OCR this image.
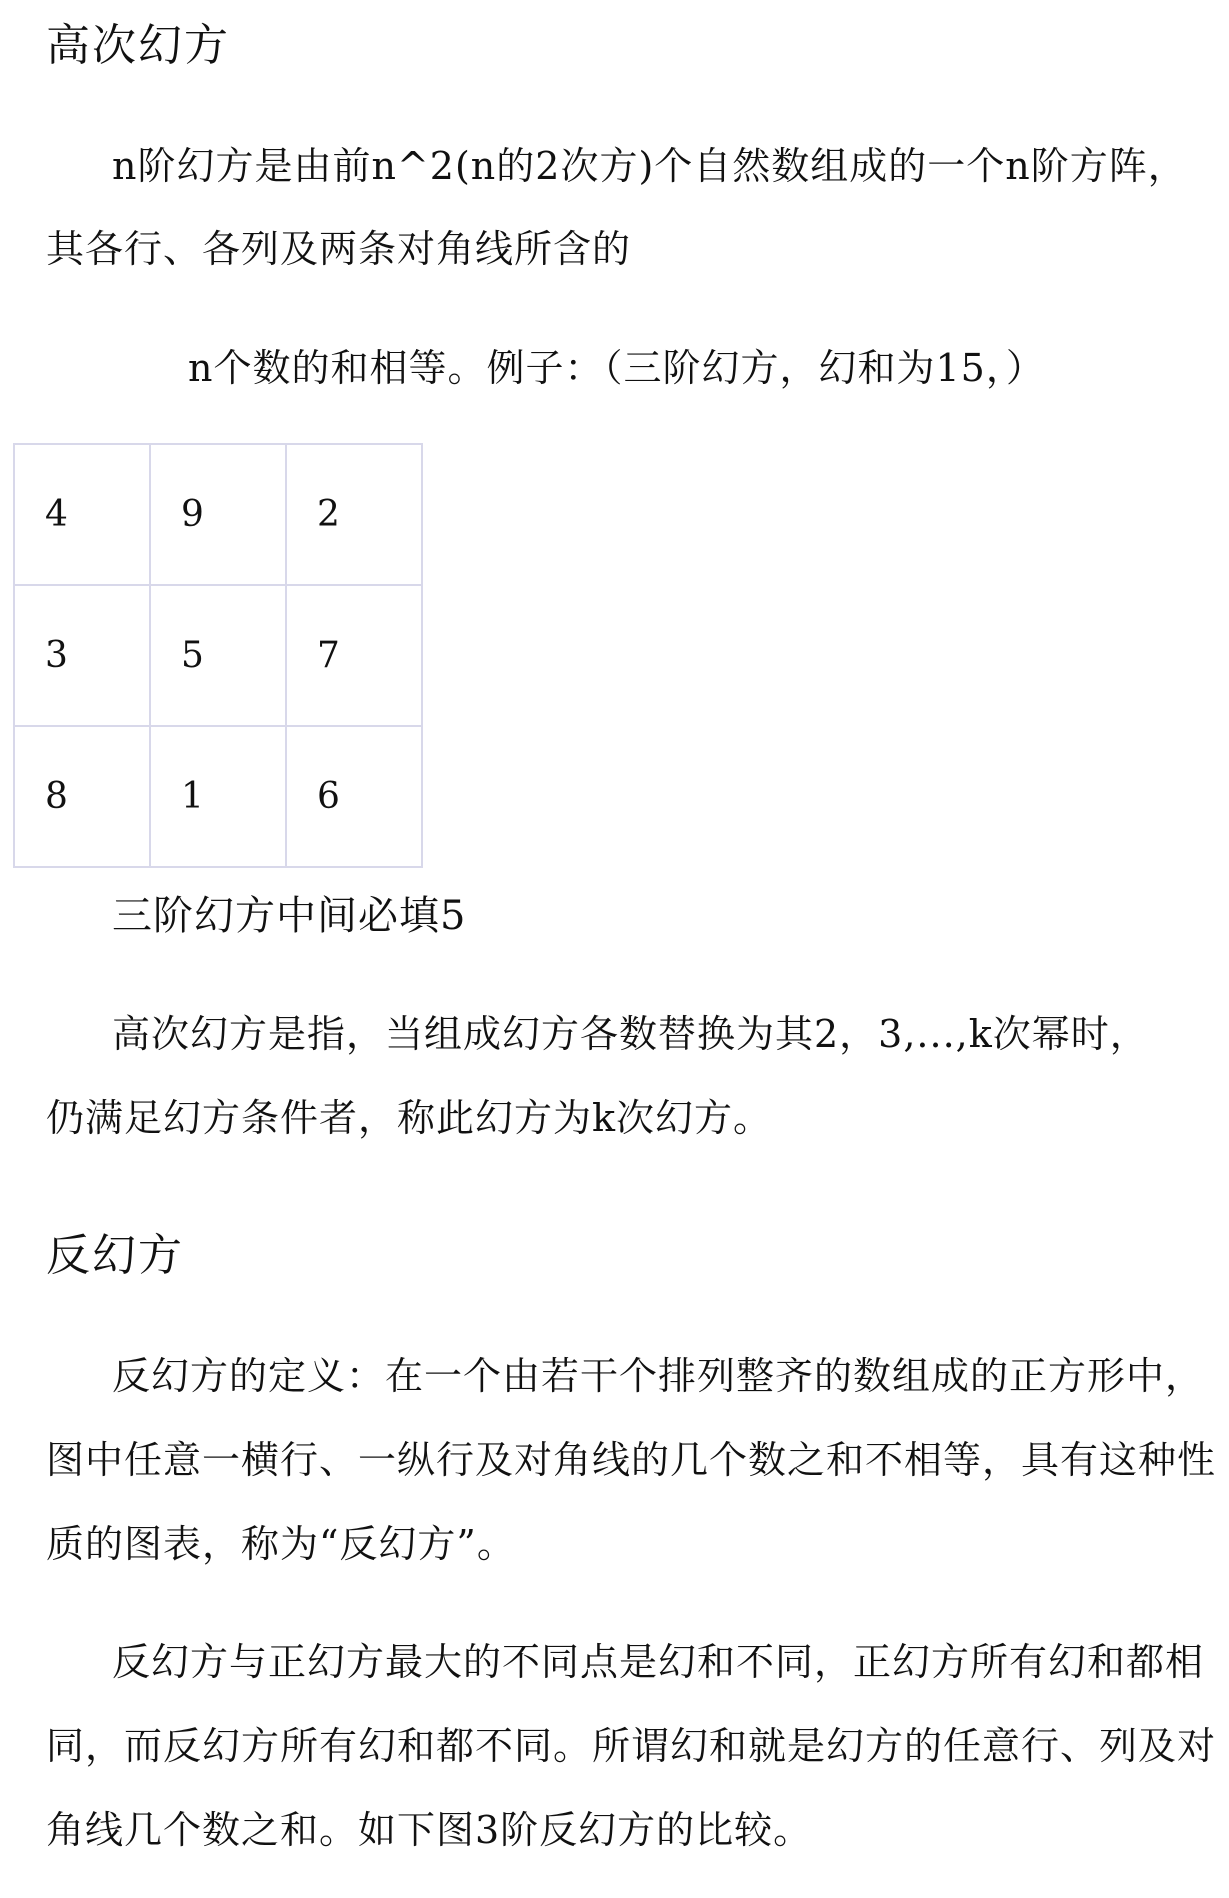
高次幻方
n阶幻方是由前n^2(n的2次方)个自然数组成的一个n阶方阵，
其各行、各列及两条对角线所含的
n个数的和相等。例子：（三阶幻方，幻和为15，）
4	9	2
3	5	7
8	1	6
三阶幻方中间必填5
高次幻方是指，当组成幻方各数替换为其2，3,...,k次幂时，
仍满足幻方条件者，称此幻方为k次幻方。
反幻方
反幻方的定义：在一个由若干个排列整齐的数组成的正方形中，
图中任意一横行、一纵行及对角线的几个数之和不相等，具有这种性
质的图表，称为“反幻方”。
反幻方与正幻方最大的不同点是幻和不同，正幻方所有幻和都相
同，而反幻方所有幻和都不同。所谓幻和就是幻方的任意行、列及对
角线几个数之和。如下图3阶反幻方的比较。
